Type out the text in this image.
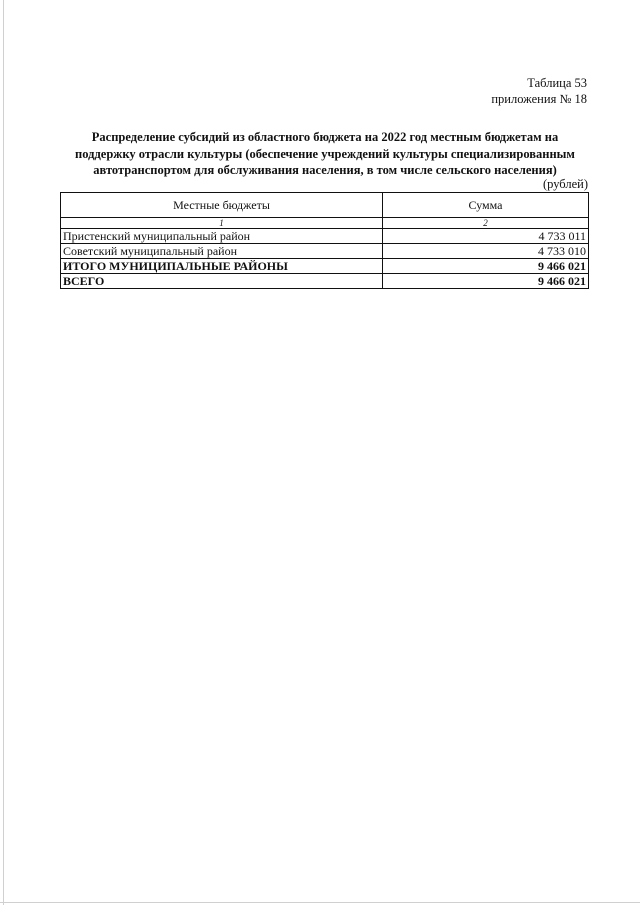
Таблица 53
приложения № 18
Распределение субсидий из областного бюджета на 2022 год местным бюджетам на поддержку отрасли культуры (обеспечение учреждений культуры специализированным автотранспортом для обслуживания населения, в том числе сельского населения)
(рублей)
Местные бюджеты	Сумма
1	2
Пристенский муниципальный район	4 733 011
Советский муниципальный район	4 733 010
ИТОГО МУНИЦИПАЛЬНЫЕ РАЙОНЫ	9 466 021
ВСЕГО	9 466 021
